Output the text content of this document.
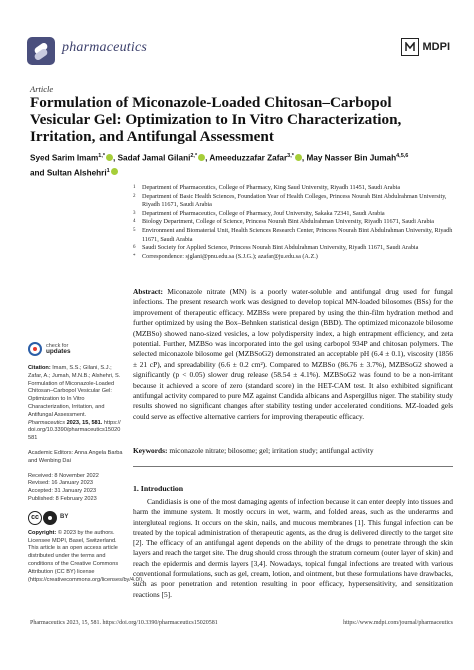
pharmaceutics	MDPI
Article
Formulation of Miconazole-Loaded Chitosan–Carbopol Vesicular Gel: Optimization to In Vitro Characterization, Irritation, and Antifungal Assessment
Syed Sarim Imam$^{1,*}$ , Sadaf Jamal Gilani$^{2,*}$ , Ameeduzzafar Zafar$^{3,*}$ , May Nasser Bin Jumah$^{4,5,6}$
and Sultan Alshehri$^1$
1	Department of Pharmaceutics, College of Pharmacy, King Saud University, Riyadh 11451, Saudi Arabia
2	Department of Basic Health Sciences, Foundation Year of Health Colleges, Princess Nourah Bint Abdulrahman University, Riyadh 11671, Saudi Arabia
3	Department of Pharmaceutics, College of Pharmacy, Jouf University, Sakaka 72341, Saudi Arabia
4	Biology Department, College of Science, Princess Nourah Bint Abdulrahman University, Riyadh 11671, Saudi Arabia
5	Environment and Biomaterial Unit, Health Sciences Research Center, Princess Nourah Bint Abdulrahman University, Riyadh 11671, Saudi Arabia
6	Saudi Society for Applied Science, Princess Nourah Bint Abdulrahman University, Riyadh 11671, Saudi Arabia
*	Correspondence: sjglani@pnu.edu.sa (S.J.G.); azafar@ju.edu.sa (A.Z.)
check for
updates
Citation: Imam, S.S.; Gilani, S.J.; Zafar, A.; Jumah, M.N.B.; Alshehri, S. Formulation of Miconazole-Loaded Chitosan–Carbopol Vesicular Gel: Optimization to In Vitro Characterization, Irritation, and Antifungal Assessment. Pharmaceutics 2023, 15, 581. https://doi.org/10.3390/pharmaceutics15020581
Academic Editors: Anna Angela Barba and Wenbing Dai
Received: 8 November 2022
Revised: 16 January 2023
Accepted: 31 January 2023
Published: 8 February 2023
cc	BY
Copyright: © 2023 by the authors. Licensee MDPI, Basel, Switzerland. This article is an open access article distributed under the terms and conditions of the Creative Commons Attribution (CC BY) license (https://creativecommons.org/licenses/by/4.0/).
Abstract: Miconazole nitrate (MN) is a poorly water-soluble and antifungal drug used for fungal infections. The present research work was designed to develop topical MN-loaded bilosomes (BSs) for the improvement of therapeutic efficacy. MZBSs were prepared by using the thin-film hydration method and further optimized by using the Box–Behnken statistical design (BBD). The optimized miconazole bilosome (MZBSo) showed nano-sized vesicles, a low polydispersity index, a high entrapment efficiency, and zeta potential. Further, MZBSo was incorporated into the gel using carbopol 934P and chitosan polymers. The selected miconazole bilosome gel (MZBSoG2) demonstrated an acceptable pH (6.4 ± 0.1), viscosity (1856 ± 21 cP), and spreadability (6.6 ± 0.2 cm²). Compared to MZBSo (86.76 ± 3.7%), MZBSoG2 showed a significantly (p < 0.05) slower drug release (58.54 ± 4.1%). MZBSoG2 was found to be a non-irritant because it achieved a score of zero (standard score) in the HET-CAM test. It also exhibited significant antifungal activity compared to pure MZ against Candida albicans and Aspergillus niger. The stability study results showed no significant changes after stability testing under accelerated conditions. MZ-loaded gels could serve as effective alternative carriers for improving therapeutic efficacy.
Keywords: miconazole nitrate; bilosome; gel; irritation study; antifungal activity
1. Introduction
Candidiasis is one of the most damaging agents of infection because it can enter deeply into tissues and harm the immune system. It mostly occurs in wet, warm, and folded areas, such as the underarms and intergluteal regions. It occurs on the skin, nails, and mucous membranes [1]. This fungal infection can be treated by the topical administration of therapeutic agents, as the drug is delivered directly to the target site [2]. The efficacy of an antifungal agent depends on the ability of the drugs to penetrate through the skin layers and reach the target site. The drug should cross through the stratum corneum (outer layer of skin) and reach the epidermis and dermis layers [3,4]. Nowadays, topical fungal infections are treated with various conventional formulations, such as gel, cream, lotion, and ointment, but these formulations have drawbacks, such as poor penetration and retention resulting in poor efficacy, hypersensitivity, and sensitization reactions [5].
Pharmaceutics 2023, 15, 581. https://doi.org/10.3390/pharmaceutics15020581	https://www.mdpi.com/journal/pharmaceutics
